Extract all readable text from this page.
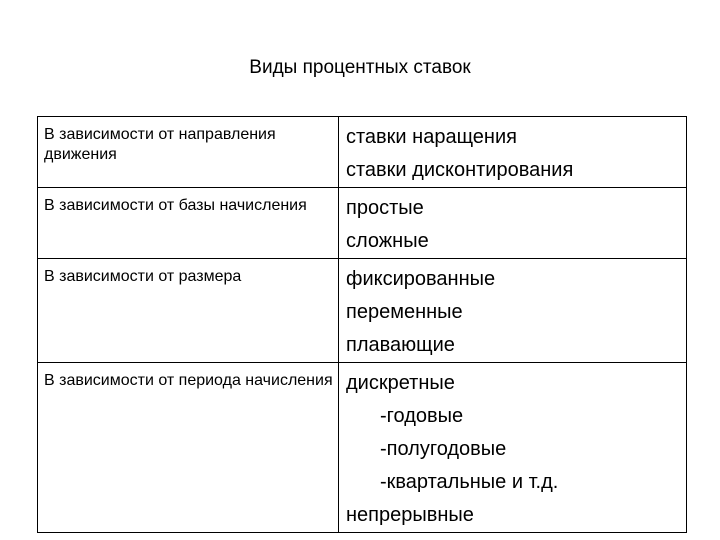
Виды процентных ставок
В зависимости от направления движения	ставки наращения
ставки дисконтирования

В зависимости от базы начисления	простые
сложные

В зависимости от размера	фиксированные
переменные
плавающие

В зависимости от периода начисления	дискретные
-годовые
-полугодовые
-квартальные и т.д.
непрерывные
